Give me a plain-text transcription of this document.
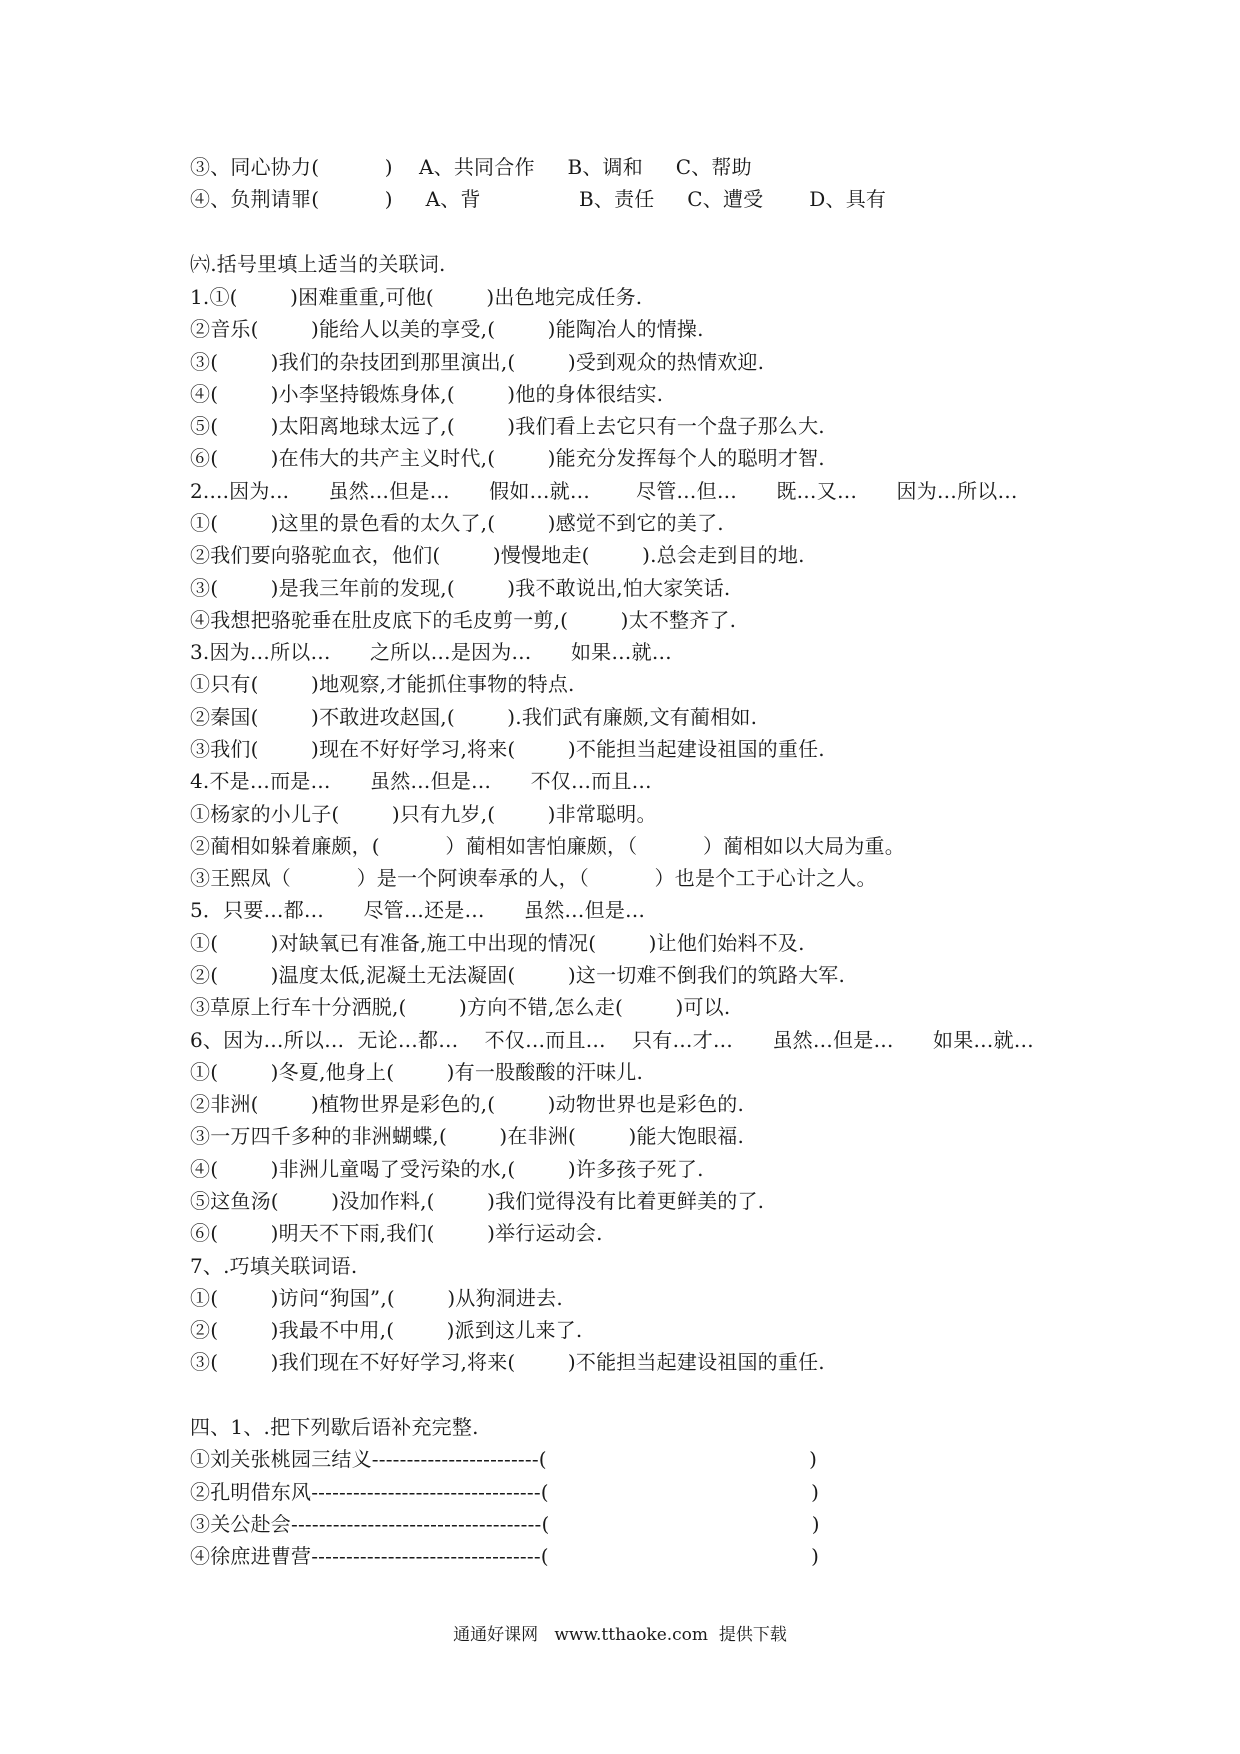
③、同心协力(          )    A、共同合作     B、调和     C、帮助
④、负荆请罪(          )     A、背               B、责任     C、遭受       D、具有
㈥.括号里填上适当的关联词.
1.①(        )困难重重,可他(        )出色地完成任务.
②音乐(        )能给人以美的享受,(        )能陶冶人的情操.
③(        )我们的杂技团到那里演出,(        )受到观众的热情欢迎.
④(        )小李坚持锻炼身体,(        )他的身体很结实.
⑤(        )太阳离地球太远了,(        )我们看上去它只有一个盘子那么大.
⑥(        )在伟大的共产主义时代,(        )能充分发挥每个人的聪明才智.
2....因为...      虽然…但是…      假如…就…       尽管…但…      既…又…      因为…所以…
①(        )这里的景色看的太久了,(        )感觉不到它的美了.
②我们要向骆驼血衣，他们(        )慢慢地走(        ).总会走到目的地.
③(        )是我三年前的发现,(        )我不敢说出,怕大家笑话.
④我想把骆驼垂在肚皮底下的毛皮剪一剪,(        )太不整齐了.
3.因为…所以…      之所以…是因为…      如果…就…
①只有(        )地观察,才能抓住事物的特点.
②秦国(        )不敢进攻赵国,(        ).我们武有廉颇,文有蔺相如.
③我们(        )现在不好好学习,将来(        )不能担当起建设祖国的重任.
4.不是…而是…      虽然…但是…      不仅…而且…
①杨家的小儿子(        )只有九岁,(        )非常聪明。
②蔺相如躲着廉颇，(          ）蔺相如害怕廉颇，（          ）蔺相如以大局为重。
③王熙凤（          ）是一个阿谀奉承的人，（          ）也是个工于心计之人。
5．只要…都…      尽管…还是…      虽然…但是…
①(        )对缺氧已有准备,施工中出现的情况(        )让他们始料不及.
②(        )温度太低,泥凝土无法凝固(        )这一切难不倒我们的筑路大军.
③草原上行车十分洒脱,(        )方向不错,怎么走(        )可以.
6、因为…所以…  无论…都…    不仅…而且…    只有…才…      虽然…但是…      如果…就…
①(        )冬夏,他身上(        )有一股酸酸的汗味儿.
②非洲(        )植物世界是彩色的,(        )动物世界也是彩色的.
③一万四千多种的非洲蝴蝶,(        )在非洲(        )能大饱眼福.
④(        )非洲儿童喝了受污染的水,(        )许多孩子死了.
⑤这鱼汤(        )没加作料,(        )我们觉得没有比着更鲜美的了.
⑥(        )明天不下雨,我们(        )举行运动会.
7、.巧填关联词语.
①(        )访问“狗国”,(        )从狗洞进去.
②(        )我最不中用,(        )派到这儿来了.
③(        )我们现在不好好学习,将来(        )不能担当起建设祖国的重任.
四、1、.把下列歇后语补充完整.
①刘关张桃园三结义------------------------(                                        )
②孔明借东风---------------------------------(                                        )
③关公赴会------------------------------------(                                        )
④徐庶进曹营---------------------------------(                                        )
通通好课网   www.tthaoke.com  提供下载
